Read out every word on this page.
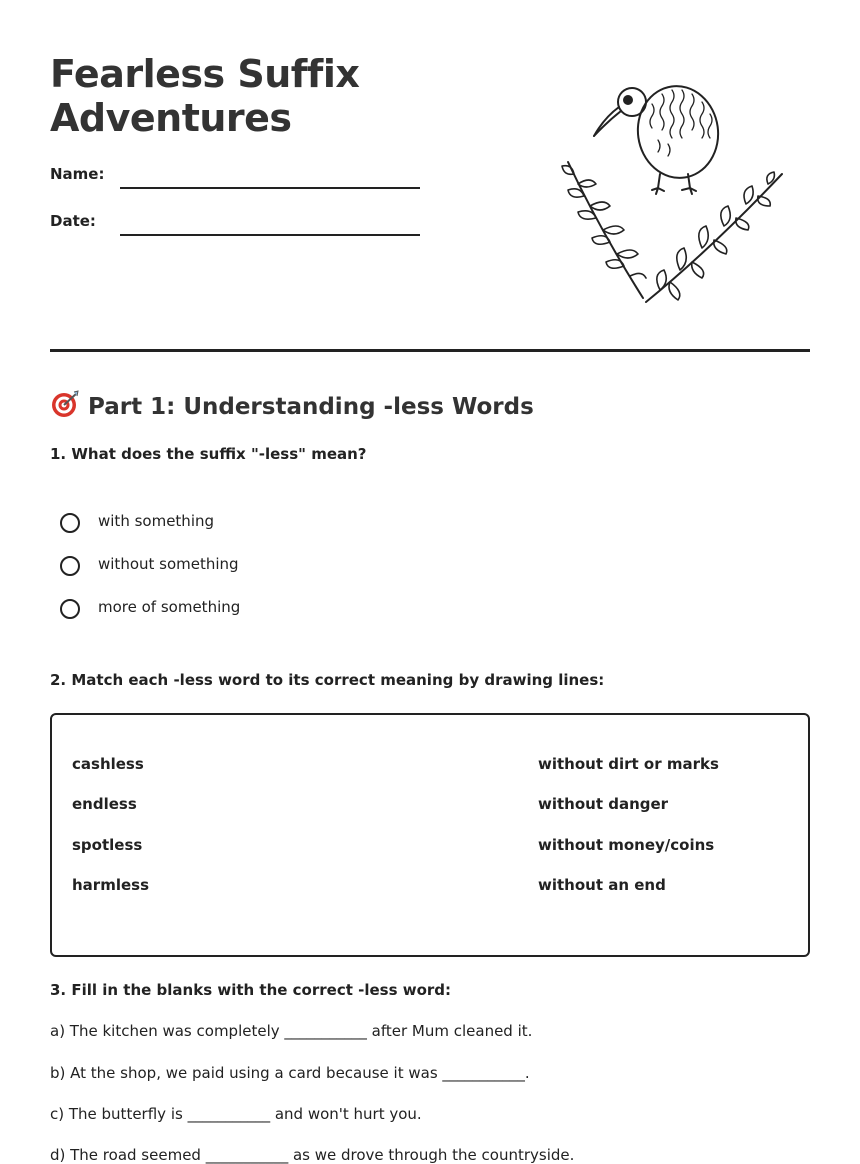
Fearless Suffix
Adventures
Name:
Date:
Part 1: Understanding -less Words

1. What does the suffix "-less" mean?

with something
without something
more of something

2. Match each -less word to its correct meaning by drawing lines:

cashless
endless
spotless
harmless
without dirt or marks
without danger
without money/coins
without an end

3. Fill in the blanks with the correct -less word:

a) The kitchen was completely ___________ after Mum cleaned it.
b) At the shop, we paid using a card because it was ___________.
c) The butterfly is ___________ and won't hurt you.
d) The road seemed ___________ as we drove through the countryside.
